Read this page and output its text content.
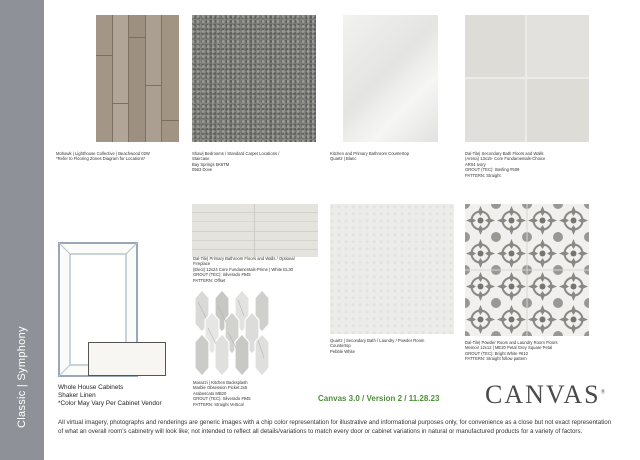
Classic | Symphony
Mohawk | Lighthouse Collective | Beachwood 02W
*Refer to Flooring Zones Diagram for Locations*
Shaw| Bedrooms / Standard Carpet Locations /
Staircase
Bay Springs 5K6TM
0563 Dove
Kitchen and Primary Bathroom Countertop
Quartz | Blanc
Dal-Tile| Secondary Bath Floors and Walls
(Arena) 13x15- Core Fundamentals-Choice
AR04 Ivory
GROUT (TEC): Sterling #509
PATTERN: Straight
Dal-Tile| Primary Bathroom Floors and Walls / Optional
Fireplace
(Elect) 12x24 Core Fundamentals-Prime | White EL30
GROUT (TEC): Silverado #945
PATTERN: Offset
Quartz | Secondary Bath / Laundry / Powder Room
Countertop
Pebble White
Dal-Tile| Powder Room and Laundry Room Floors
Memoir 12x12 | ME20 Petal Grey Square Petal
GROUT (TEC): Bright White #610
PATTERN: Straight follow pattern
Marazzi | Kitchen Backsplash
Marble Obsession Picket 2x5
Arabescato MB20
GROUT (TEC): Silverado #945
PATTERN: Straight Vertical
Whole House Cabinets
Shaker Linen
*Color May Vary Per Cabinet Vendor
Canvas 3.0 / Version 2 / 11.28.23 CANVAS®
All virtual imagery, photographs and renderings are generic images with a chip color representation for illustrative and informational purposes only, for convenience as a close but not exact representation of what an overall room's cabinetry will look like; not intended to reflect all details/variations to match every door or cabinet variations in natural or manufactured products for a variety of factors.
